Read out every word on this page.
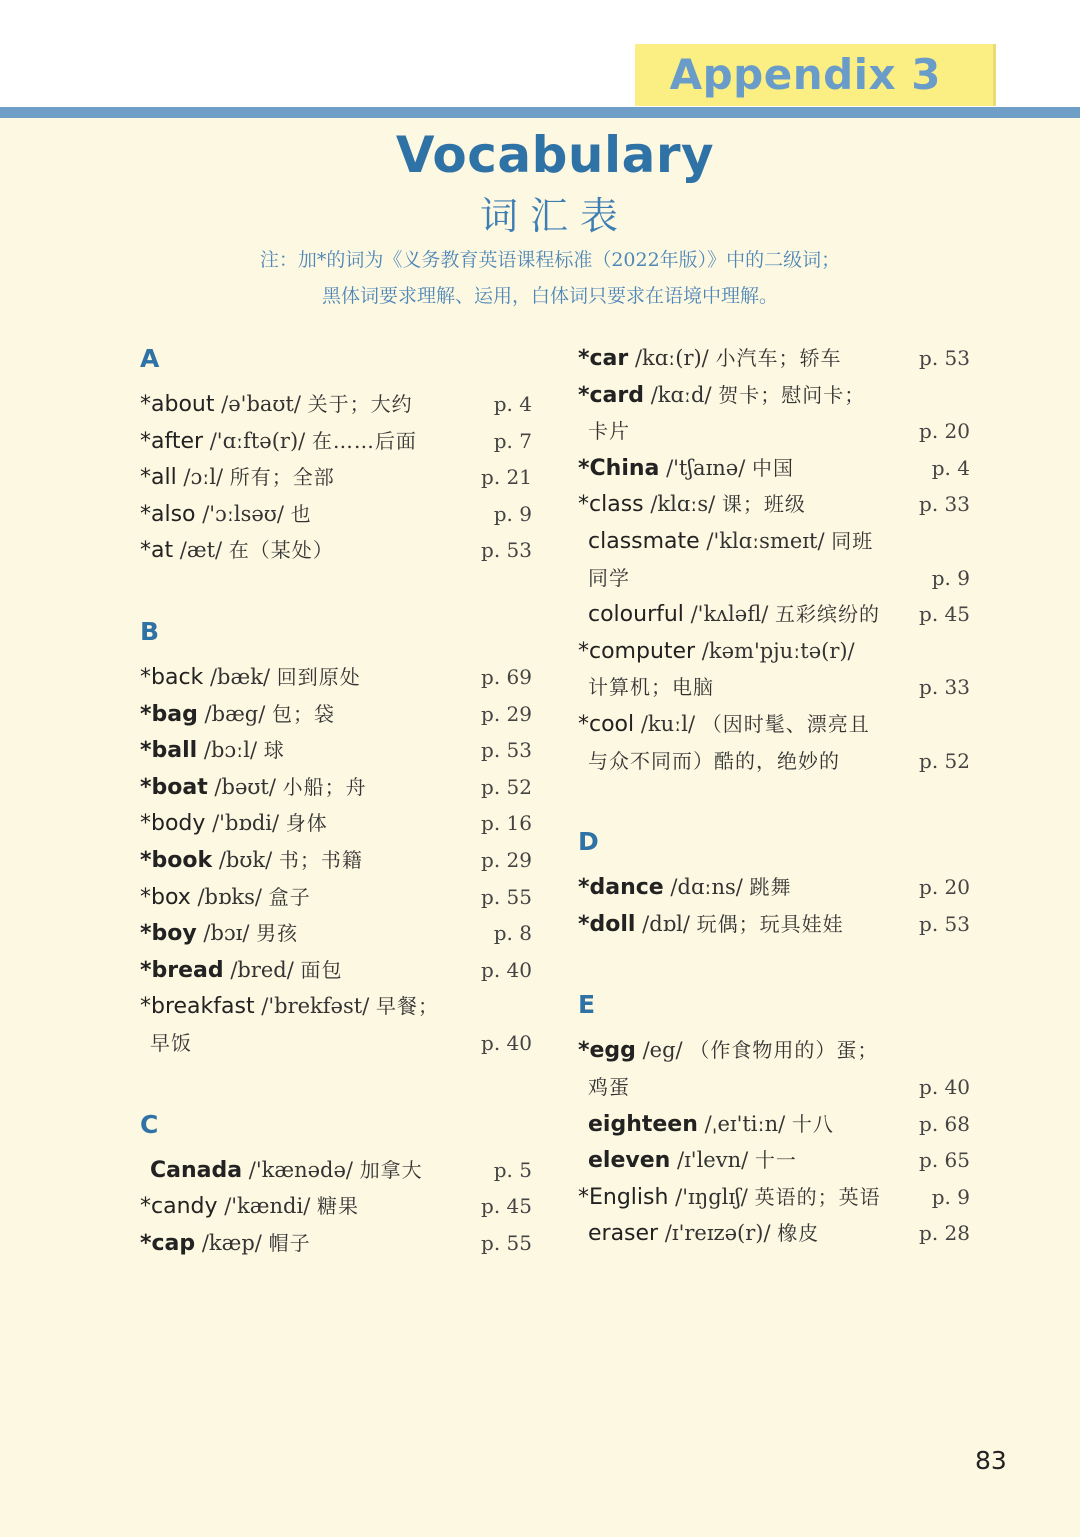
Appendix 3
Vocabulary
词汇表
注：加*的词为《义务教育英语课程标准（2022年版）》中的二级词；
黑体词要求理解、运用，白体词只要求在语境中理解。
A
*about /ə'baʊt/ 关于；大约	p. 4
*after /'ɑːftə(r)/ 在……后面	p. 7
*all /ɔːl/ 所有；全部	p. 21
*also /'ɔːlsəʊ/ 也	p. 9
*at /æt/ 在（某处）	p. 53
B
*back /bæk/ 回到原处	p. 69
*bag /bæg/ 包；袋	p. 29
*ball /bɔːl/ 球	p. 53
*boat /bəʊt/ 小船；舟	p. 52
*body /'bɒdi/ 身体	p. 16
*book /bʊk/ 书；书籍	p. 29
*box /bɒks/ 盒子	p. 55
*boy /bɔɪ/ 男孩	p. 8
*bread /bred/ 面包	p. 40
*breakfast /'brekfəst/ 早餐；
早饭	p. 40
C
Canada /'kænədə/ 加拿大	p. 5
*candy /'kændi/ 糖果	p. 45
*cap /kæp/ 帽子	p. 55
*car /kɑː(r)/ 小汽车；轿车	p. 53
*card /kɑːd/ 贺卡；慰问卡；
卡片	p. 20
*China /'tʃaɪnə/ 中国	p. 4
*class /klɑːs/ 课；班级	p. 33
classmate /'klɑːsmeɪt/ 同班
同学	p. 9
colourful /'kʌləfl/ 五彩缤纷的 p. 45
*computer /kəm'pjuːtə(r)/
计算机；电脑	p. 33
*cool /kuːl/ （因时髦、漂亮且
与众不同而）酷的，绝妙的	p. 52
D
*dance /dɑːns/ 跳舞	p. 20
*doll /dɒl/ 玩偶；玩具娃娃	p. 53
E
*egg /eg/ （作食物用的）蛋；
鸡蛋	p. 40
eighteen /ˌeɪ'tiːn/ 十八	p. 68
eleven /ɪ'levn/ 十一	p. 65
*English /'ɪŋglɪʃ/ 英语的；英语	p. 9
eraser /ɪ'reɪzə(r)/ 橡皮	p. 28
83
